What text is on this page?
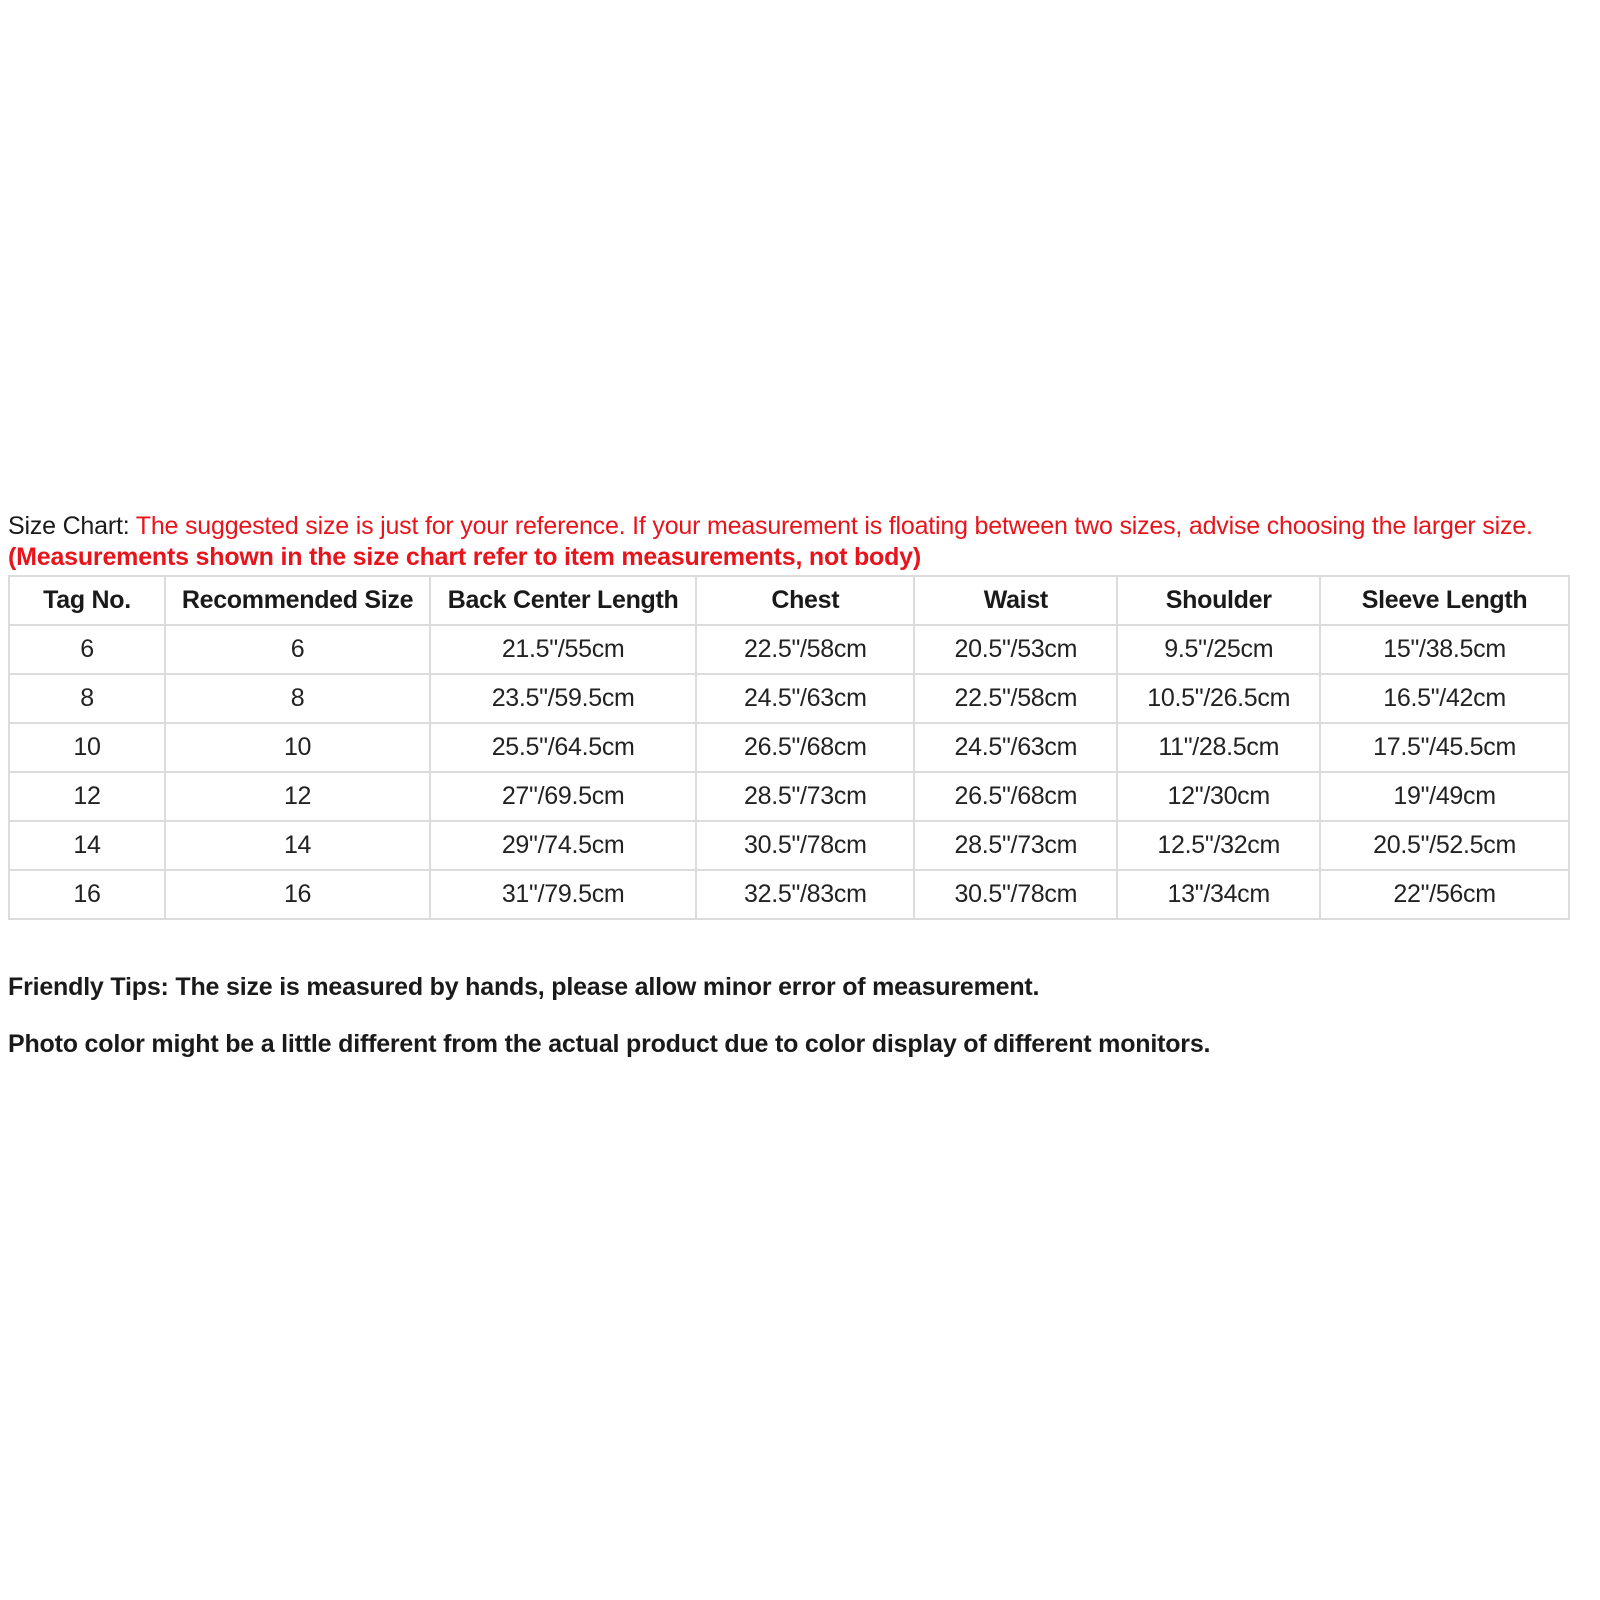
Size Chart: The suggested size is just for your reference. If your measurement is floating between two sizes, advise choosing the larger size. (Measurements shown in the size chart refer to item measurements, not body)
Tag No.	Recommended Size	Back Center Length	Chest	Waist	Shoulder	Sleeve Length
6	6	21.5"/55cm	22.5"/58cm	20.5"/53cm	9.5"/25cm	15"/38.5cm
8	8	23.5"/59.5cm	24.5"/63cm	22.5"/58cm	10.5"/26.5cm	16.5"/42cm
10	10	25.5"/64.5cm	26.5"/68cm	24.5"/63cm	11"/28.5cm	17.5"/45.5cm
12	12	27"/69.5cm	28.5"/73cm	26.5"/68cm	12"/30cm	19"/49cm
14	14	29"/74.5cm	30.5"/78cm	28.5"/73cm	12.5"/32cm	20.5"/52.5cm
16	16	31"/79.5cm	32.5"/83cm	30.5"/78cm	13"/34cm	22"/56cm
Friendly Tips: The size is measured by hands, please allow minor error of measurement.
Photo color might be a little different from the actual product due to color display of different monitors.
